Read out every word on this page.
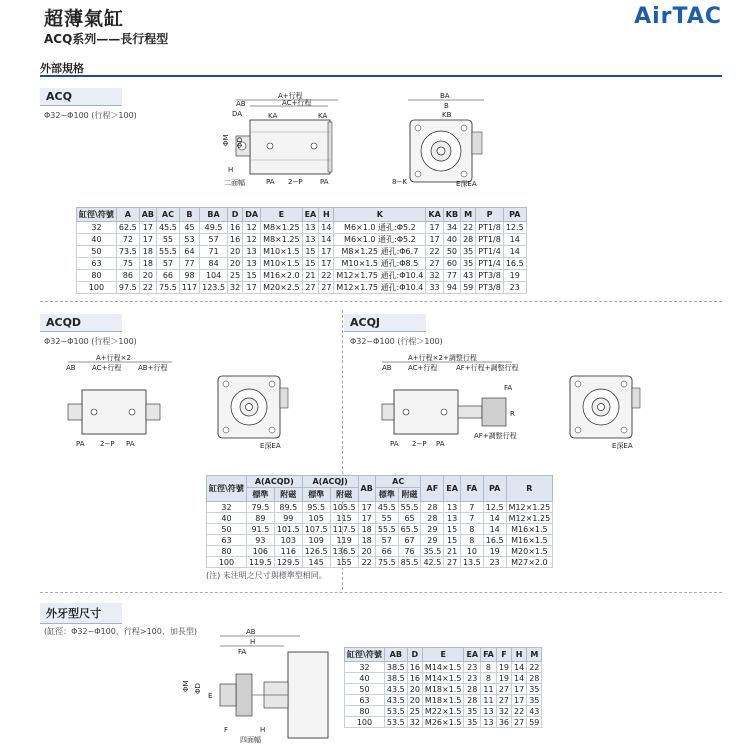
超薄氣缸
ACQ系列——長行程型
AirTAC
外部規格
ACQ
Φ32~Φ100 (行程＞100)
A+行程
AC+行程
AB
DA	KA	KA
ΦM ΦD
H
二面幅	PA 2−P PA
BA
B
KB
8−K	E深EA
缸徑\符號	A	AB	AC	B	BA	D	DA	E	EA	H	K	KA	KB	M	P	PA
32	62.5	17	45.5	45	49.5	16	12	M8×1.25	13	14	M6×1.0 通孔:Φ5.2	17	34	22	PT1/8	12.5
40	72	17	55	53	57	16	12	M8×1.25	13	14	M6×1.0 通孔:Φ5.2	17	40	28	PT1/8	14
50	73.5	18	55.5	64	71	20	13	M10×1.5	15	17	M8×1.25 通孔:Φ6.7	22	50	35	PT1/4	14
63	75	18	57	77	84	20	13	M10×1.5	15	17	M10×1.5 通孔:Φ8.5	27	60	35	PT1/4	16.5
80	86	20	66	98	104	25	15	M16×2.0	21	22	M12×1.75 通孔:Φ10.4	32	77	43	PT3/8	19
100	97.5	22	75.5	117	123.5	32	17	M20×2.5	27	27	M12×1.75 通孔:Φ10.4	33	94	59	PT3/8	23
ACQD
Φ32~Φ100 (行程＞100)
A+行程×2
AB AC+行程 AB+行程
PA 2−P PA	E深EA
ACQJ
Φ32~Φ100 (行程＞100)
A+行程×2+調整行程
AB AC+行程	AF+行程+調整行程
FA
R
PA 2−P PA
AF+調整行程
E深EA
缸徑\符號	A(ACQD)		A(ACQJ)		AB	AC		AF	EA	FA	PA	R
	標準	附磁	標準	附磁		標準	附磁					
32	79.5	89.5	95.5	105.5	17	45.5	55.5	28	13	7	12.5	M12×1.25
40	89	99	105	115	17	55	65	28	13	7	14	M12×1.25
50	91.5	101.5	107.5	117.5	18	55.5	65.5	29	15	8	14	M16×1.5
63	93	103	109	119	18	57	67	29	15	8	16.5	M16×1.5
80	106	116	126.5	136.5	20	66	76	35.5	21	10	19	M20×1.5
100	119.5	129.5	145	155	22	75.5	85.5	42.5	27	13.5	23	M27×2.0
(注) 未注明之尺寸與標準型相同。
外牙型尺寸
(缸徑：Φ32~Φ100、行程>100、加長型)	AB
H
FA
ΦM ΦD
E
F	H
四面幅
缸徑\符號	AB	D	E	EA	FA	F	H	M
32	38.5	16	M14×1.5	23	8	19	14	22
40	38.5	16	M14×1.5	23	8	19	14	28
50	43.5	20	M18×1.5	28	11	27	17	35
63	43.5	20	M18×1.5	28	11	27	17	35
80	53.5	25	M22×1.5	35	13	32	22	43
100	53.5	32	M26×1.5	35	13	36	27	59
